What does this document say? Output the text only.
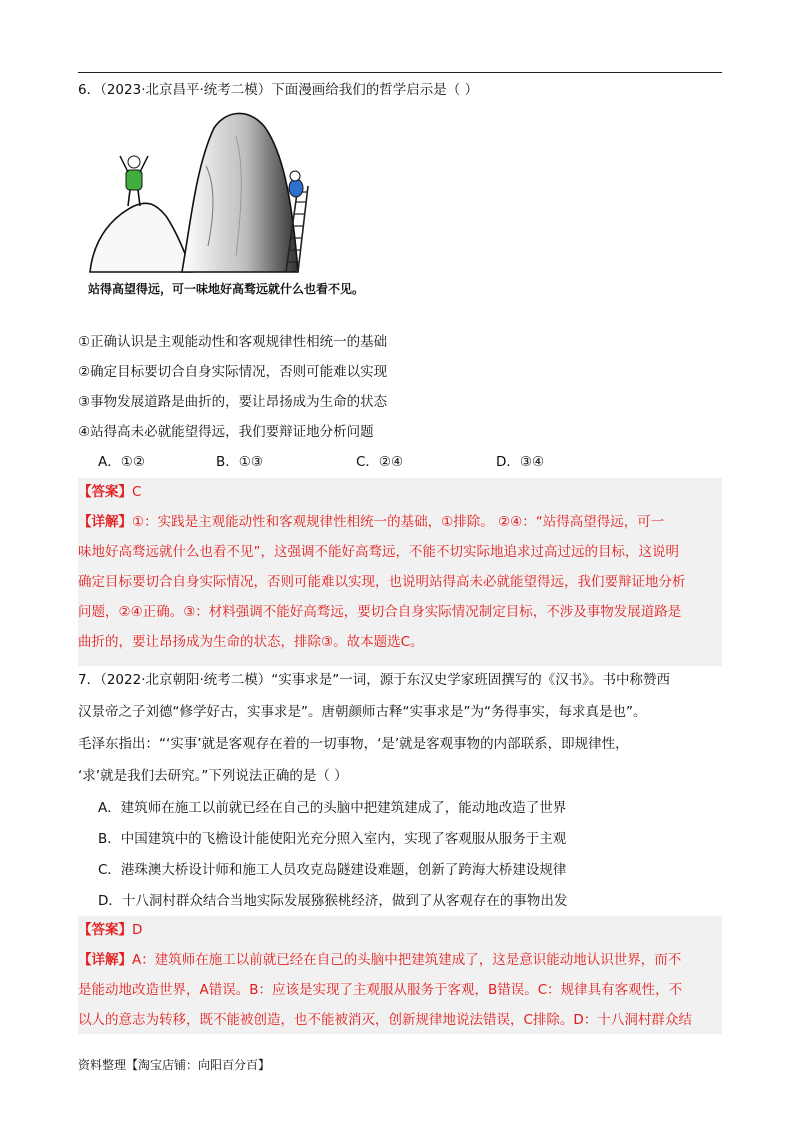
6．（2023·北京昌平·统考二模）下面漫画给我们的哲学启示是（ ）
站得高望得远，可一味地好高骛远就什么也看不见。
①正确认识是主观能动性和客观规律性相统一的基础
②确定目标要切合自身实际情况，否则可能难以实现
③事物发展道路是曲折的，要让昂扬成为生命的状态
④站得高未必就能望得远，我们要辩证地分析问题
A．①②	B．①③	C．②④	D．③④
【答案】C
【详解】①：实践是主观能动性和客观规律性相统一的基础，①排除。 ②④：“站得高望得远，可一
味地好高骛远就什么也看不见”，这强调不能好高骛远，不能不切实际地追求过高过远的目标，这说明
确定目标要切合自身实际情况，否则可能难以实现，也说明站得高未必就能望得远，我们要辩证地分析
问题，②④正确。③：材料强调不能好高骛远，要切合自身实际情况制定目标，不涉及事物发展道路是
曲折的，要让昂扬成为生命的状态，排除③。故本题选C。
7．（2022·北京朝阳·统考二模）“实事求是”一词，源于东汉史学家班固撰写的《汉书》。书中称赞西
汉景帝之子刘德“修学好古，实事求是”。唐朝颜师古释“实事求是”为“务得事实，每求真是也”。
毛泽东指出：“‘实事’就是客观存在着的一切事物，‘是’就是客观事物的内部联系，即规律性，
‘求’就是我们去研究。”下列说法正确的是（ ）
A．建筑师在施工以前就已经在自己的头脑中把建筑建成了，能动地改造了世界
B．中国建筑中的飞檐设计能使阳光充分照入室内，实现了客观服从服务于主观
C．港珠澳大桥设计师和施工人员攻克岛隧建设难题，创新了跨海大桥建设规律
D．十八洞村群众结合当地实际发展猕猴桃经济，做到了从客观存在的事物出发
【答案】D
【详解】A：建筑师在施工以前就已经在自己的头脑中把建筑建成了，这是意识能动地认识世界，而不
是能动地改造世界，A错误。B：应该是实现了主观服从服务于客观，B错误。C：规律具有客观性，不
以人的意志为转移，既不能被创造，也不能被消灭，创新规律地说法错误，C排除。D：十八洞村群众结
资料整理【淘宝店铺：向阳百分百】
